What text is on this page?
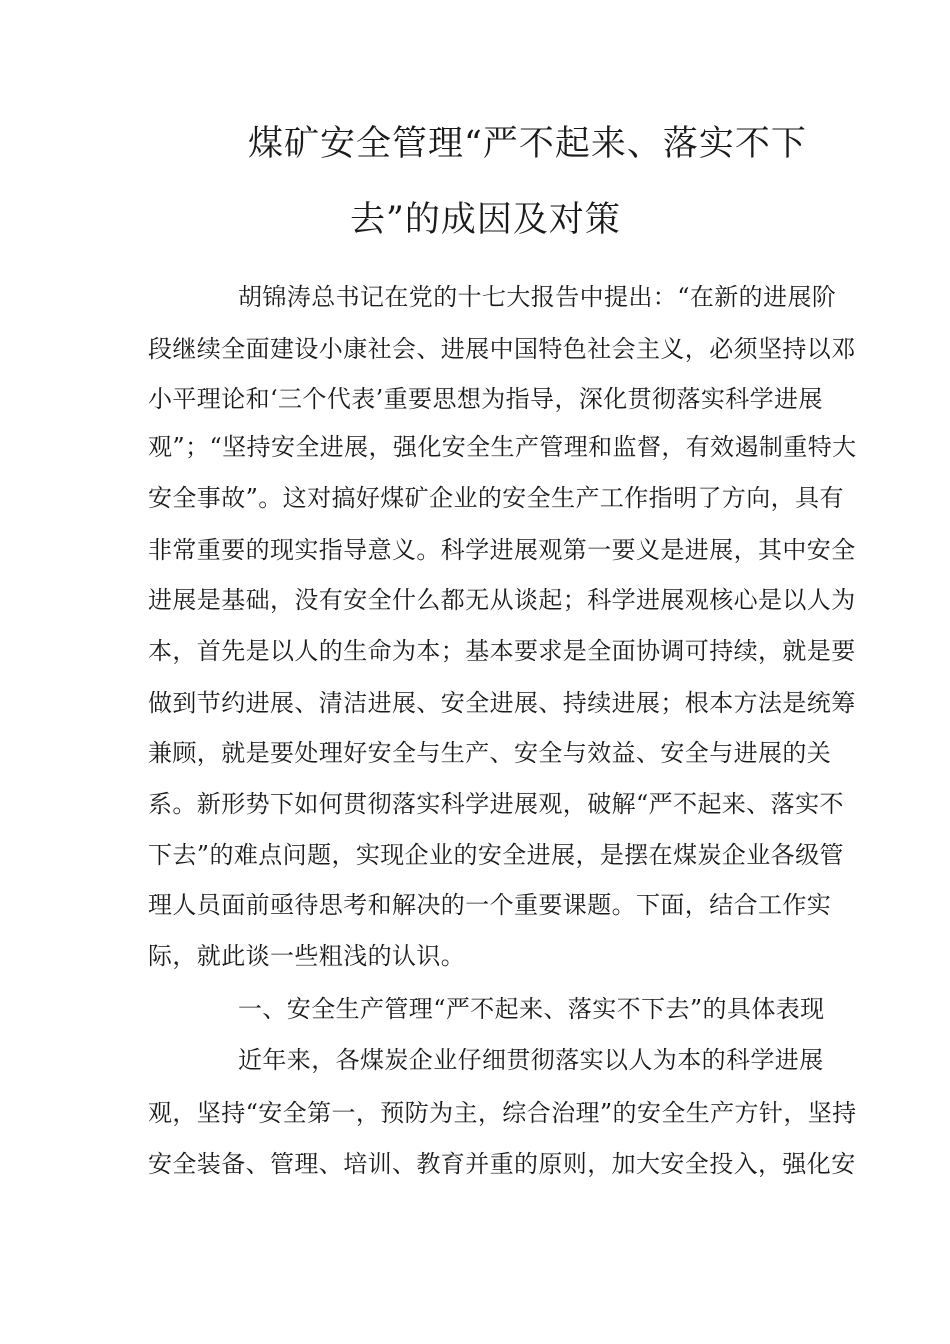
煤矿安全管理“严不起来、落实不下
去”的成因及对策
胡锦涛总书记在党的十七大报告中提出：“在新的进展阶
段继续全面建设小康社会、进展中国特色社会主义，必须坚持以邓
小平理论和‘三个代表’重要思想为指导，深化贯彻落实科学进展
观”；“坚持安全进展，强化安全生产管理和监督，有效遏制重特大
安全事故”。这对搞好煤矿企业的安全生产工作指明了方向，具有
非常重要的现实指导意义。科学进展观第一要义是进展，其中安全
进展是基础，没有安全什么都无从谈起；科学进展观核心是以人为
本，首先是以人的生命为本；基本要求是全面协调可持续，就是要
做到节约进展、清洁进展、安全进展、持续进展；根本方法是统筹
兼顾，就是要处理好安全与生产、安全与效益、安全与进展的关
系。新形势下如何贯彻落实科学进展观，破解“严不起来、落实不
下去”的难点问题，实现企业的安全进展，是摆在煤炭企业各级管
理人员面前亟待思考和解决的一个重要课题。下面，结合工作实
际，就此谈一些粗浅的认识。
一、安全生产管理“严不起来、落实不下去”的具体表现
近年来，各煤炭企业仔细贯彻落实以人为本的科学进展
观，坚持“安全第一，预防为主，综合治理”的安全生产方针，坚持
安全装备、管理、培训、教育并重的原则，加大安全投入，强化安
